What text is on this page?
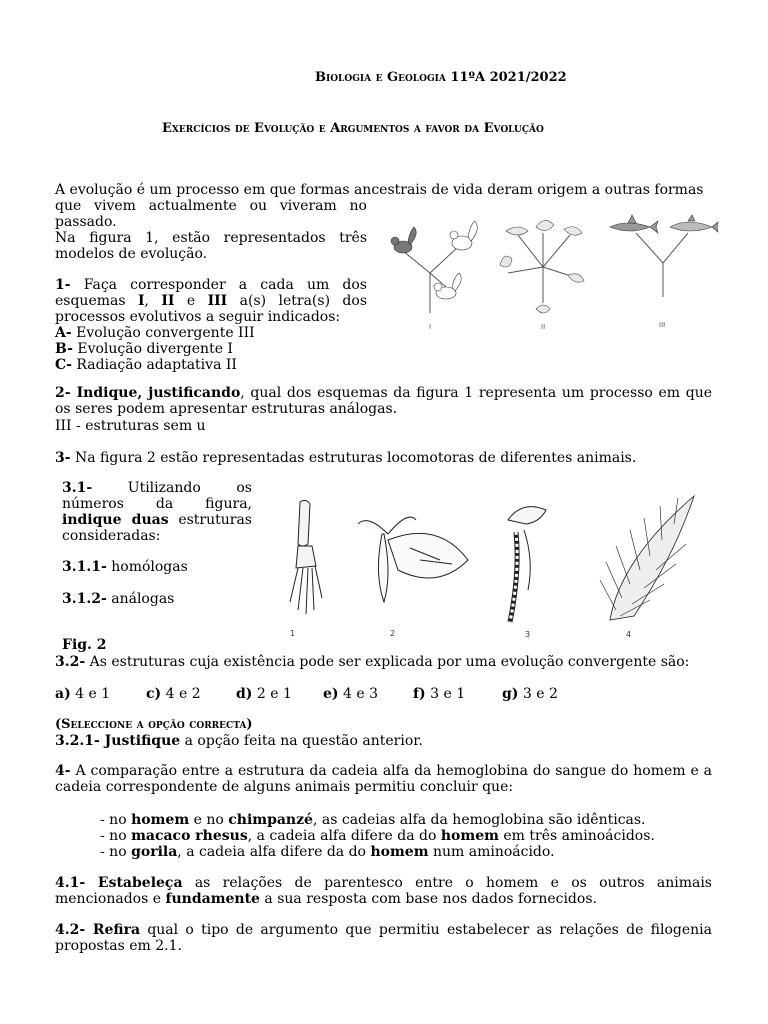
Biologia e Geologia 11ºA 2021/2022
Exercícios de Evolução e Argumentos a favor da Evolução
A evolução é um processo em que formas ancestrais de vida deram origem a outras formas
que vivem actualmente ou viveram no
passado.
Na figura 1, estão representados três
modelos de evolução.
1- Faça corresponder a cada um dos
esquemas I, II e III a(s) letra(s) dos
processos evolutivos a seguir indicados:
A- Evolução convergente III
B- Evolução divergente I
C- Radiação adaptativa II
I	II	III
2- Indique, justificando, qual dos esquemas da figura 1 representa um processo em que os seres podem apresentar estruturas análogas.
III - estruturas sem u
3- Na figura 2 estão representadas estruturas locomotoras de diferentes animais.
3.1-	Utilizando os
números da figura,
indique duas estruturas
consideradas:
3.1.1- homólogas
3.1.2- análogas
1	2	3	4
Fig. 2
3.2- As estruturas cuja existência pode ser explicada por uma evolução convergente são:
a) 4 e 1	c) 4 e 2	d) 2 e 1 e) 4 e 3	f) 3 e 1	g) 3 e 2
(Seleccione a opção correcta)
3.2.1- Justifique a opção feita na questão anterior.
4- A comparação entre a estrutura da cadeia alfa da hemoglobina do sangue do homem e a cadeia correspondente de alguns animais permitiu concluir que:
- no homem e no chimpanzé, as cadeias alfa da hemoglobina são idênticas.
- no macaco rhesus, a cadeia alfa difere da do homem em três aminoácidos.
- no gorila, a cadeia alfa difere da do homem num aminoácido.
4.1- Estabeleça as relações de parentesco entre o homem e os outros animais mencionados e fundamente a sua resposta com base nos dados fornecidos.
4.2- Refira qual o tipo de argumento que permitiu estabelecer as relações de filogenia propostas em 2.1.
